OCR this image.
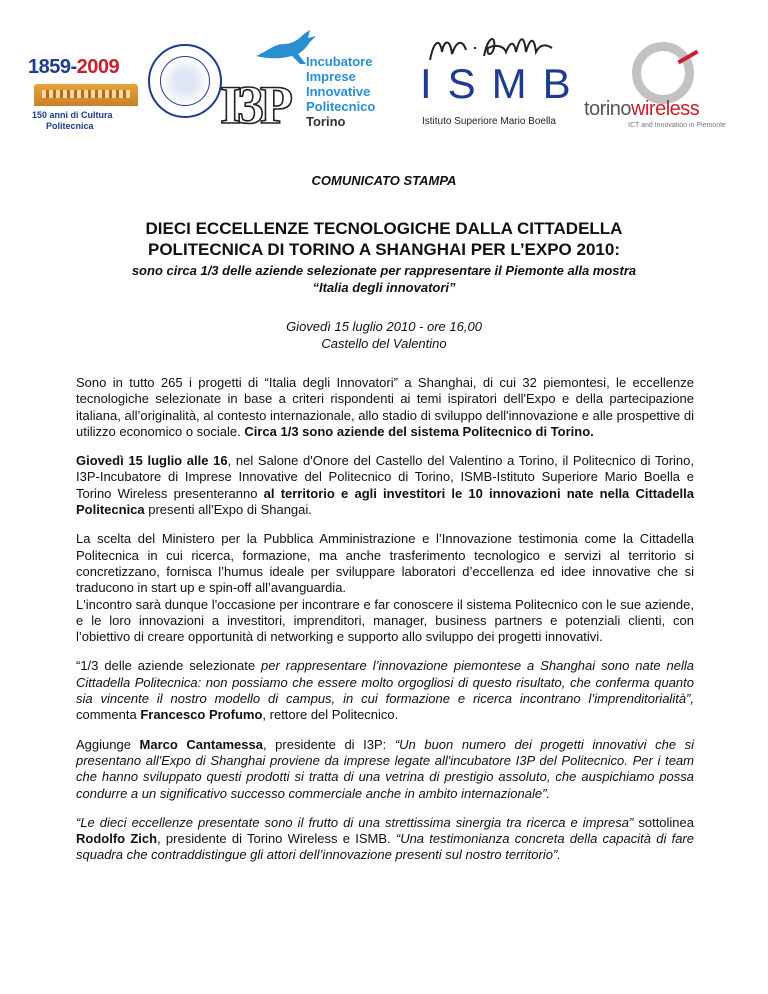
1859-2009
150 anni di Cultura
Politecnica I3P
Incubatore
Imprese
Innovative
Politecnico
Torino
ISMB
Istituto Superiore Mario Boella
torinowireless
ICT and Innovation in Piemonte
COMUNICATO STAMPA
DIECI ECCELLENZE TECNOLOGICHE DALLA CITTADELLA
POLITECNICA DI TORINO A SHANGHAI PER L’EXPO 2010:
sono circa 1/3 delle aziende selezionate per rappresentare il Piemonte alla mostra
“Italia degli innovatori”
Giovedì 15 luglio 2010 - ore 16,00
Castello del Valentino

Sono in tutto 265 i progetti di “Italia degli Innovatori” a Shanghai, di cui 32 piemontesi, le eccellenze tecnologiche selezionate in base a criteri rispondenti ai temi ispiratori dell'Expo e della partecipazione italiana, all’originalità, al contesto internazionale, allo stadio di sviluppo dell'innovazione e alle prospettive di utilizzo economico o sociale. Circa 1/3 sono aziende del sistema Politecnico di Torino.

Giovedì 15 luglio alle 16, nel Salone d'Onore del Castello del Valentino a Torino, il Politecnico di Torino, I3P-Incubatore di Imprese Innovative del Politecnico di Torino, ISMB-Istituto Superiore Mario Boella e Torino Wireless presenteranno al territorio e agli investitori le 10 innovazioni nate nella Cittadella Politecnica presenti all'Expo di Shangai.

La scelta del Ministero per la Pubblica Amministrazione e l’Innovazione testimonia come la Cittadella Politecnica in cui ricerca, formazione, ma anche trasferimento tecnologico e servizi al territorio si concretizzano, fornisca l’humus ideale per sviluppare laboratori d’eccellenza ed idee innovative che si traducono in start up e spin-off all’avanguardia.

L'incontro sarà dunque l'occasione per incontrare e far conoscere il sistema Politecnico con le sue aziende, e le loro innovazioni a investitori, imprenditori, manager, business partners e potenziali clienti, con l’obiettivo di creare opportunità di networking e supporto allo sviluppo dei progetti innovativi.

“1/3 delle aziende selezionate per rappresentare l’innovazione piemontese a Shanghai sono nate nella Cittadella Politecnica: non possiamo che essere molto orgogliosi di questo risultato, che conferma quanto sia vincente il nostro modello di campus, in cui formazione e ricerca incontrano l’imprenditorialità”, commenta Francesco Profumo, rettore del Politecnico.

Aggiunge Marco Cantamessa, presidente di I3P: “Un buon numero dei progetti innovativi che si presentano all'Expo di Shanghai proviene da imprese legate all'incubatore I3P del Politecnico. Per i team che hanno sviluppato questi prodotti si tratta di una vetrina di prestigio assoluto, che auspichiamo possa condurre a un significativo successo commerciale anche in ambito internazionale”.

“Le dieci eccellenze presentate sono il frutto di una strettissima sinergia tra ricerca e impresa” sottolinea Rodolfo Zich, presidente di Torino Wireless e ISMB. “Una testimonianza concreta della capacità di fare squadra che contraddistingue gli attori dell’innovazione presenti sul nostro territorio”.
